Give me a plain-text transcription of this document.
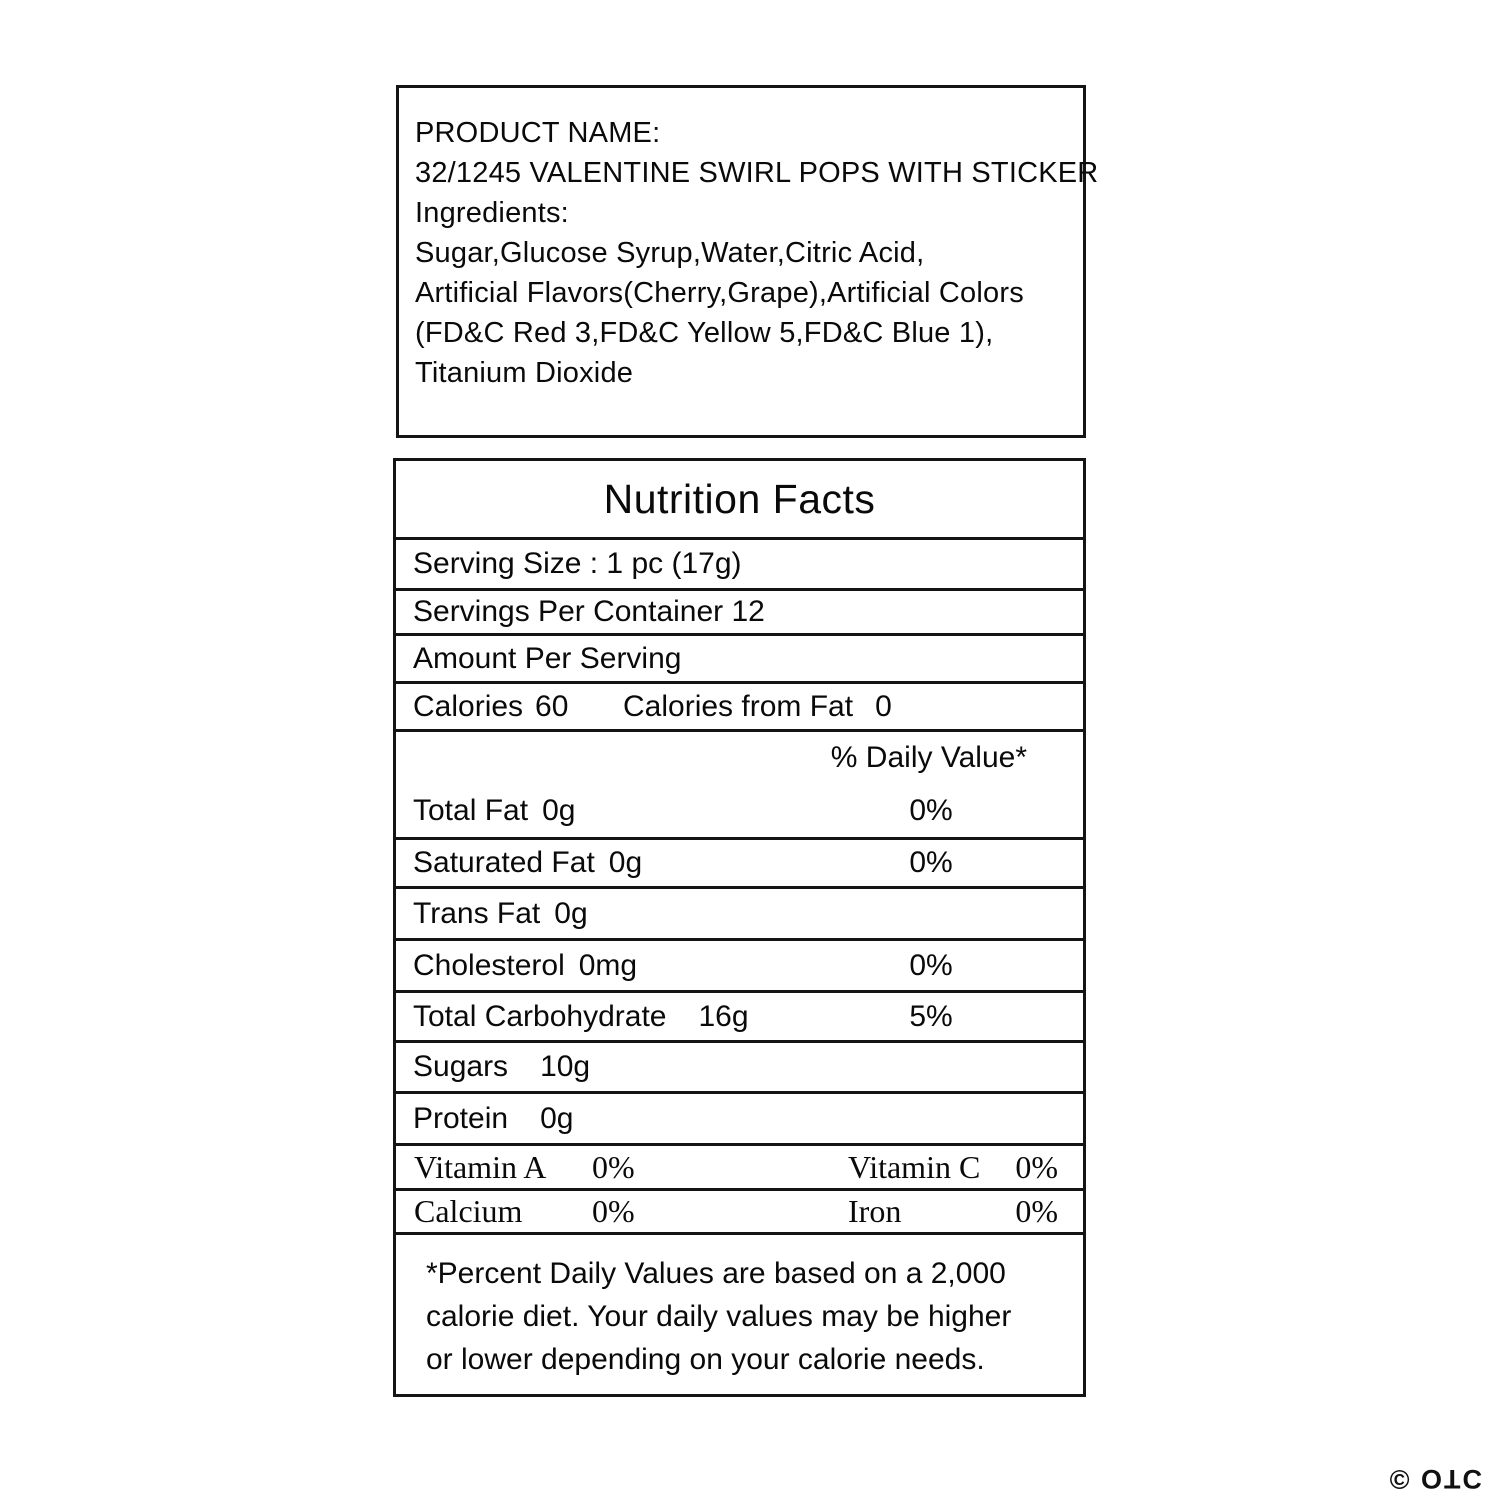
PRODUCT NAME:
32/1245 VALENTINE SWIRL POPS WITH STICKER
Ingredients:
Sugar,Glucose Syrup,Water,Citric Acid,
Artificial Flavors(Cherry,Grape),Artificial Colors
(FD&C Red 3,FD&C Yellow 5,FD&C Blue 1),
Titanium Dioxide
Nutrition Facts
Serving Size : 1 pc (17g)
Servings Per Container 12
Amount Per Serving
Calories 60 Calories from Fat 0
% Daily Value*
Total Fat 0g	0%
Saturated Fat 0g	0%
Trans Fat 0g
Cholesterol 0mg	0%
Total Carbohydrate 16g	5%
Sugars 10g
Protein 0g
Vitamin A 0%	Vitamin C 0%
Calcium 0%	Iron	0%
*Percent Daily Values are based on a 2,000
calorie diet. Your daily values may be higher
or lower depending on your calorie needs.
© OTC
